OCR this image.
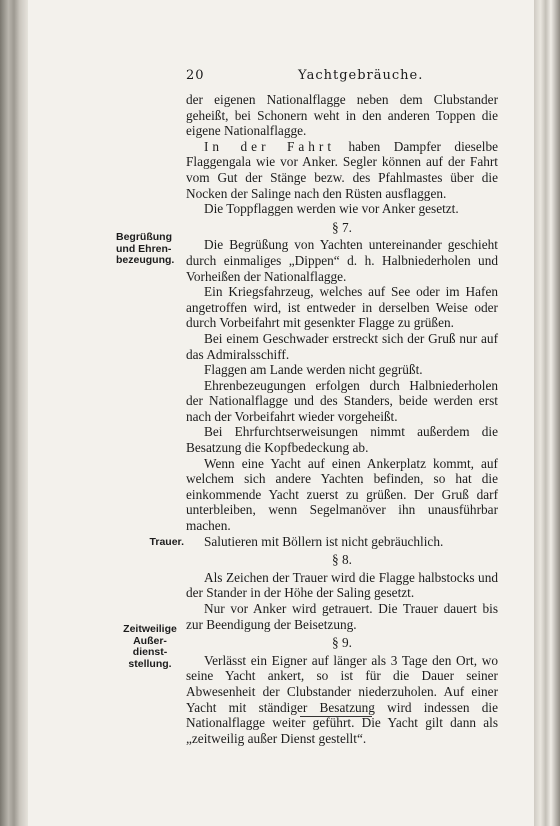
20	Yachtgebräuche.
Begrüßung und Ehren-bezeugung.
Trauer.
Zeitweilige Außer-dienst-stellung.

der eigenen Nationalflagge neben dem Clubstander geheißt, bei Schonern weht in den anderen Toppen die eigene Nationalflagge.

In der Fahrt haben Dampfer dieselbe Flaggengala wie vor Anker. Segler können auf der Fahrt vom Gut der Stänge bezw. des Pfahlmastes über die Nocken der Salinge nach den Rüsten ausflaggen.

Die Toppflaggen werden wie vor Anker gesetzt.

§ 7.

Die Begrüßung von Yachten untereinander geschieht durch einmaliges „Dippen“ d. h. Halbniederholen und Vorheißen der Nationalflagge.

Ein Kriegsfahrzeug, welches auf See oder im Hafen angetroffen wird, ist entweder in derselben Weise oder durch Vorbeifahrt mit gesenkter Flagge zu grüßen.

Bei einem Geschwader erstreckt sich der Gruß nur auf das Admiralsschiff.

Flaggen am Lande werden nicht gegrüßt.

Ehrenbezeugungen erfolgen durch Halbniederholen der Nationalflagge und des Standers, beide werden erst nach der Vorbeifahrt wieder vorgeheißt.

Bei Ehrfurchtserweisungen nimmt außerdem die Besatzung die Kopfbedeckung ab.

Wenn eine Yacht auf einen Ankerplatz kommt, auf welchem sich andere Yachten befinden, so hat die einkommende Yacht zuerst zu grüßen. Der Gruß darf unterbleiben, wenn Segelmanöver ihn unausführbar machen.

Salutieren mit Böllern ist nicht gebräuchlich.

§ 8.

Als Zeichen der Trauer wird die Flagge halbstocks und der Stander in der Höhe der Saling gesetzt.

Nur vor Anker wird getrauert. Die Trauer dauert bis zur Beendigung der Beisetzung.

§ 9.

Verlässt ein Eigner auf länger als 3 Tage den Ort, wo seine Yacht ankert, so ist für die Dauer seiner Abwesenheit der Clubstander niederzuholen. Auf einer Yacht mit ständiger Besatzung wird indessen die Nationalflagge weiter geführt. Die Yacht gilt dann als „zeitweilig außer Dienst gestellt“.
